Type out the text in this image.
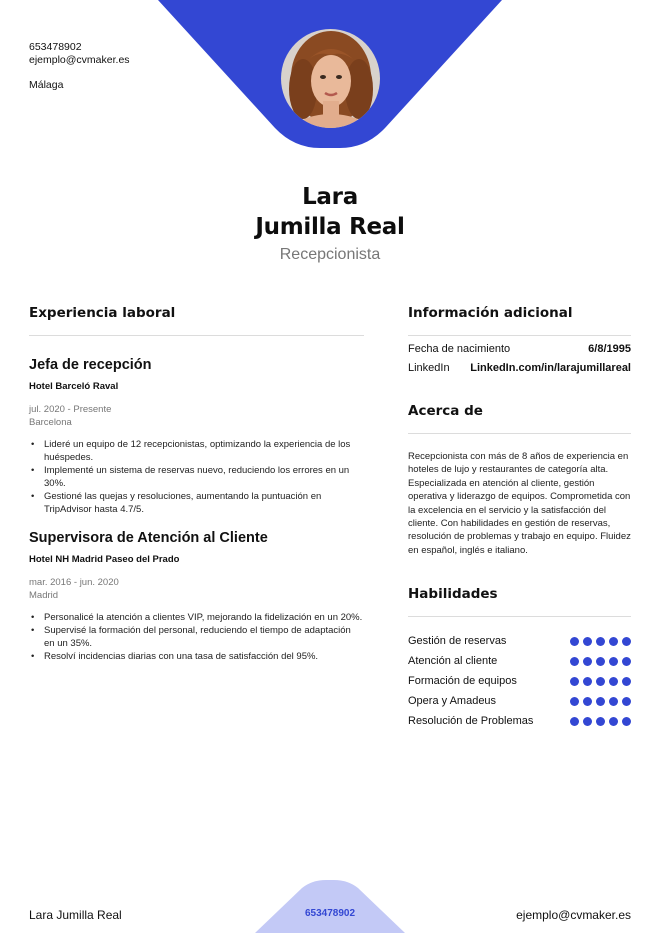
653478902
ejemplo@cvmaker.es
Málaga
Lara
Jumilla Real
Recepcionista
Experiencia laboral
Jefa de recepción
Hotel Barceló Raval
jul. 2020 - Presente
Barcelona
• Lideré un equipo de 12 recepcionistas, optimizando la experiencia de los huéspedes.
• Implementé un sistema de reservas nuevo, reduciendo los errores en un 30%.
• Gestioné las quejas y resoluciones, aumentando la puntuación en TripAdvisor hasta 4.7/5.
Supervisora de Atención al Cliente
Hotel NH Madrid Paseo del Prado
mar. 2016 - jun. 2020
Madrid
• Personalicé la atención a clientes VIP, mejorando la fidelización en un 20%.
• Supervisé la formación del personal, reduciendo el tiempo de adaptación en un 35%.
• Resolví incidencias diarias con una tasa de satisfacción del 95%.
Información adicional
Fecha de nacimiento	6/8/1995
LinkedIn LinkedIn.com/in/larajumillareal
Acerca de

Recepcionista con más de 8 años de experiencia en hoteles de lujo y restaurantes de categoría alta. Especializada en atención al cliente, gestión operativa y liderazgo de equipos. Comprometida con la excelencia en el servicio y la satisfacción del cliente. Con habilidades en gestión de reservas, resolución de problemas y trabajo en equipo. Fluidez en español, inglés e italiano.

Habilidades
Gestión de reservas
Atención al cliente
Formación de equipos
Opera y Amadeus
Resolución de Problemas
Lara Jumilla Real	653478902	ejemplo@cvmaker.es
